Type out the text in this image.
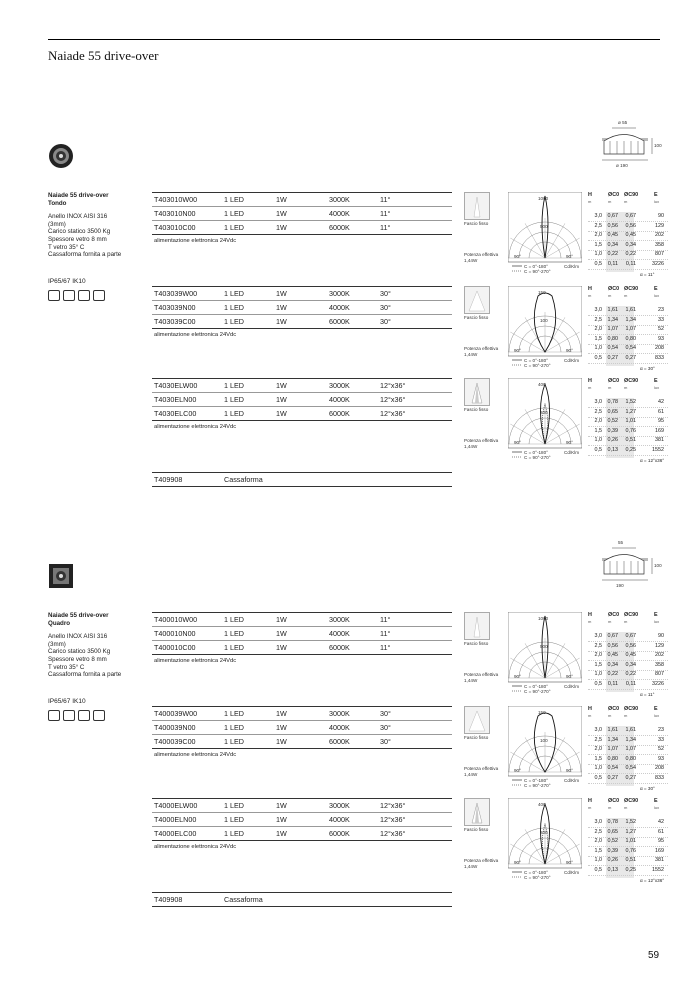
Naiade 55 drive-over
59
ø 55
100
ø 190
Naiade 55 drive-over
Tondo
Anello INOX AISI 316
(3mm)
Carico statico 3500 Kg
Spessore vetro 8 mm
T vetro 35° C
Cassaforma fornita a parte
IP65/67 IK10
T403010W00	1 LED	1W	3000K	11°
T403010N00	1 LED	1W	4000K	11°
T403010C00	1 LED	1W	6000K	11°
alimentazione elettronica 24Vdc
Fascio fisso
Potenza effettiva
1,44W
1000
500
90°	90°
C = 0°-180°
C = 90°-270°
Cd/Klm
H
m
ØC0
m
ØC90
m
E
lux
3,0	0,67	0,67	90
2,5	0,56	0,56	129
2,0	0,45	0,45	202
1,5	0,34	0,34	358
1,0	0,22	0,22	807
0,5	0,11	0,11	3226
α = 11°
T403039W00	1 LED	1W	3000K	30°
T403039N00	1 LED	1W	4000K	30°
T403039C00	1 LED	1W	6000K	30°
alimentazione elettronica 24Vdc
Fascio fisso
Potenza effettiva
1,44W
150
100
90°	90°
C = 0°-180°
C = 90°-270°
Cd/Klm
H
m
ØC0
m
ØC90
m
E
lux
3,0	1,61	1,61	23
2,5	1,34	1,34	33
2,0	1,07	1,07	52
1,5	0,80	0,80	93
1,0	0,54	0,54	208
0,5	0,27	0,27	833
α = 30°
T4030ELW00	1 LED	1W	3000K	12°x36°
T4030ELN00	1 LED	1W	4000K	12°x36°
T4030ELC00	1 LED	1W	6000K	12°x36°
alimentazione elettronica 24Vdc
Fascio fisso
Potenza effettiva
1,44W
400
200
90°	90°
C = 0°-180°
C = 90°-270°
Cd/Klm
H
m
ØC0
m
ØC90
m
E
lux
3,0	0,78	1,52	42
2,5	0,65	1,27	61
2,0	0,52	1,01	95
1,5	0,39	0,76	169
1,0	0,26	0,51	381
0,5	0,13	0,25	1552
α = 12°x36°
T409908	Cassaforma
55
100
190
Naiade 55 drive-over
Quadro
Anello INOX AISI 316
(3mm)
Carico statico 3500 Kg
Spessore vetro 8 mm
T vetro 35° C
Cassaforma fornita a parte
IP65/67 IK10
T400010W00	1 LED	1W	3000K	11°
T400010N00	1 LED	1W	4000K	11°
T400010C00	1 LED	1W	6000K	11°
alimentazione elettronica 24Vdc
Fascio fisso
Potenza effettiva
1,44W
1000
500
90°	90°
C = 0°-180°
C = 90°-270°
Cd/Klm
H
m
ØC0
m
ØC90
m
E
lux
3,0	0,67	0,67	90
2,5	0,56	0,56	129
2,0	0,45	0,45	202
1,5	0,34	0,34	358
1,0	0,22	0,22	807
0,5	0,11	0,11	3226
α = 11°
T400039W00	1 LED	1W	3000K	30°
T400039N00	1 LED	1W	4000K	30°
T400039C00	1 LED	1W	6000K	30°
alimentazione elettronica 24Vdc
Fascio fisso
Potenza effettiva
1,44W
150
100
90°	90°
C = 0°-180°
C = 90°-270°
Cd/Klm
H
m
ØC0
m
ØC90
m
E
lux
3,0	1,61	1,61	23
2,5	1,34	1,34	33
2,0	1,07	1,07	52
1,5	0,80	0,80	93
1,0	0,54	0,54	208
0,5	0,27	0,27	833
α = 30°
T4000ELW00	1 LED	1W	3000K	12°x36°
T4000ELN00	1 LED	1W	4000K	12°x36°
T4000ELC00	1 LED	1W	6000K	12°x36°
alimentazione elettronica 24Vdc
Fascio fisso
Potenza effettiva
1,44W
400
200
90°	90°
C = 0°-180°
C = 90°-270°
Cd/Klm
H
m
ØC0
m
ØC90
m
E
lux
3,0	0,78	1,52	42
2,5	0,65	1,27	61
2,0	0,52	1,01	95
1,5	0,39	0,76	169
1,0	0,26	0,51	381
0,5	0,13	0,25	1552
α = 12°x36°
T409908	Cassaforma
